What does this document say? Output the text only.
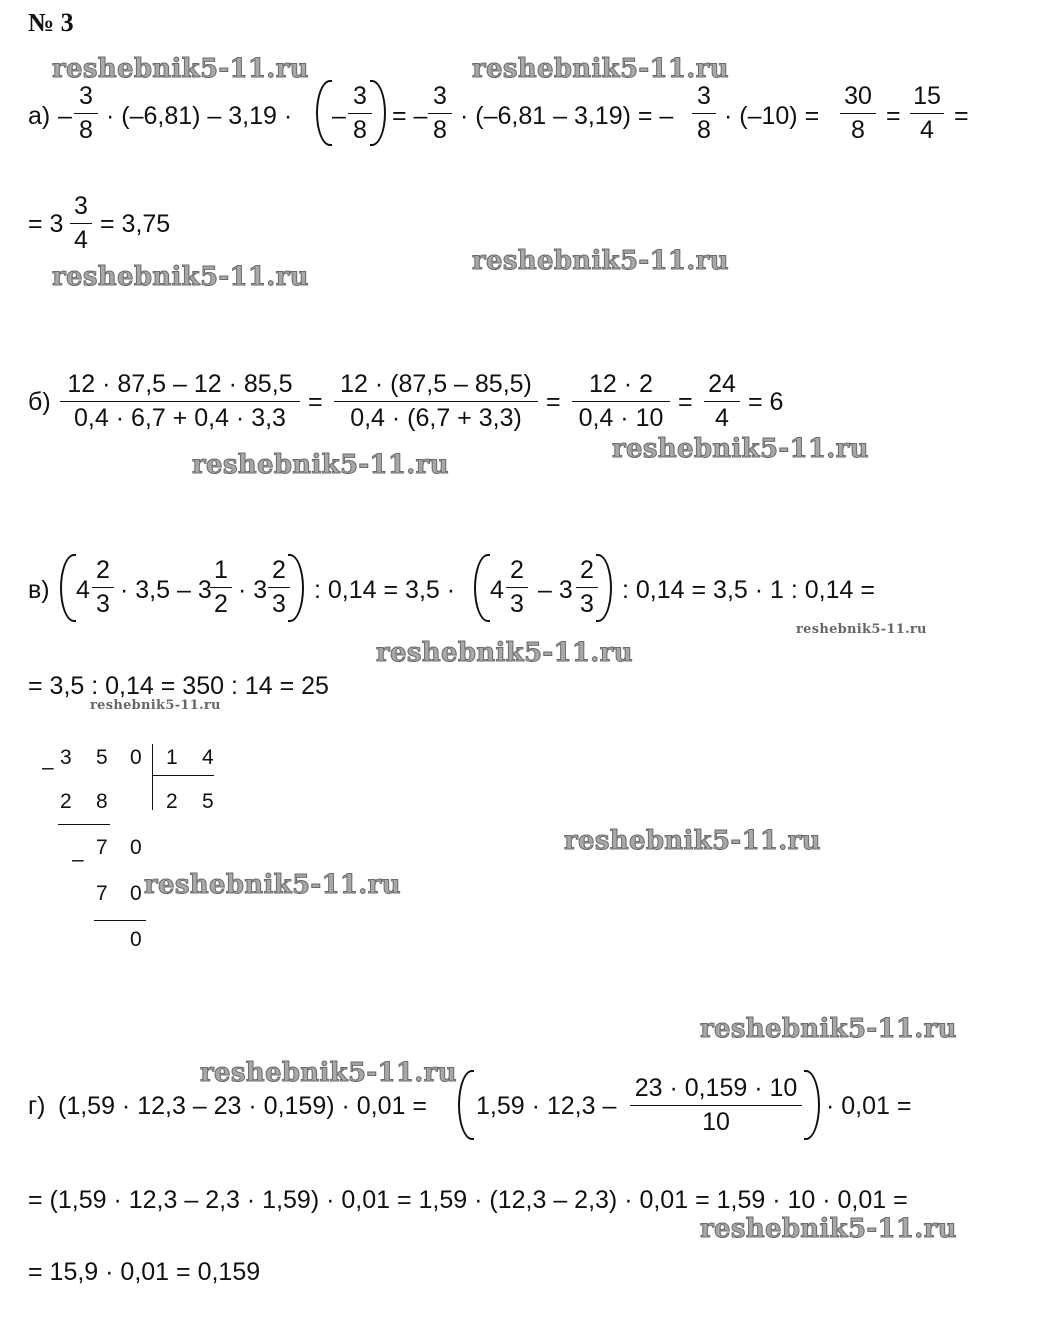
№ 3
reshebnik5-11.ru	reshebnik5-11.ru
reshebnik5-11.ru
reshebnik5-11.ru
reshebnik5-11.ru
reshebnik5-11.ru
reshebnik5-11.ru
reshebnik5-11.ru
reshebnik5-11.ru
reshebnik5-11.ru
reshebnik5-11.ru
reshebnik5-11.ru
reshebnik5-11.ru
reshebnik5-11.ru
а) –
3
8 · (–6,81) – 3,19 · –
3
8 = –
3
8 · (–6,81 – 3,19) = –
3
8 · (–10) =
30
8 =
15
4 =
= 3
3
4
= 3,75
б)
12 · 87,5 – 12 · 85,5
0,4 · 6,7 + 0,4 · 3,3
=
12 · (87,5 – 85,5)
0,4 · (6,7 + 3,3)
=
12 · 2
0,4 · 10
=
24
4
= 6
в) 4
2
3 · 3,5 – 3
1
2 · 3
2
3 : 0,14 = 3,5 · 4
2
3 – 3
2
3 : 0,14 = 3,5 · 1 : 0,14 =
= 3,5 : 0,14 = 350 : 14 = 25
– 3 5 0 1 4
2 5
2 8
–
7 0
7 0
0
г) (1,59 · 12,3 – 23 · 0,159) · 0,01 = 1,59 · 12,3 –
23 · 0,159 · 10
10
· 0,01 =
= (1,59 · 12,3 – 2,3 · 1,59) · 0,01 = 1,59 · (12,3 – 2,3) · 0,01 = 1,59 · 10 · 0,01 =
= 15,9 · 0,01 = 0,159
